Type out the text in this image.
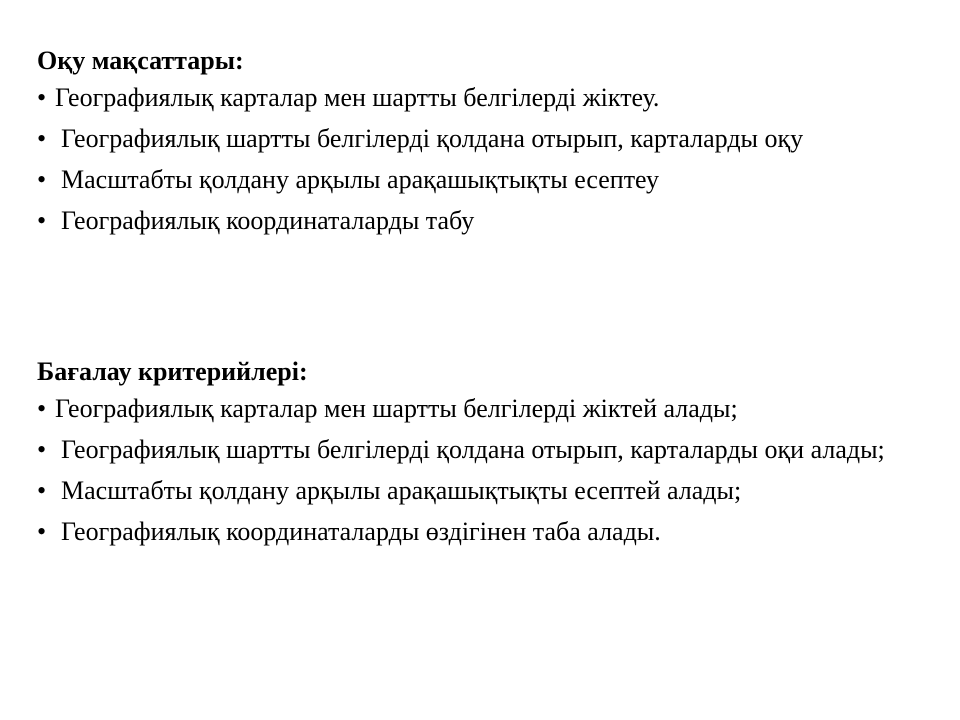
Оқу мақсаттары:
• Географиялық карталар мен шартты белгілерді жіктеу.
• Географиялық шартты белгілерді қолдана отырып, карталарды оқу
• Масштабты қолдану арқылы арақашықтықты есептеу
• Географиялық координаталарды табу
Бағалау критерийлері:
• Географиялық карталар мен шартты белгілерді жіктей алады;
• Географиялық шартты белгілерді қолдана отырып, карталарды оқи алады;
• Масштабты қолдану арқылы арақашықтықты есептей алады;
• Географиялық координаталарды өздігінен таба алады.
